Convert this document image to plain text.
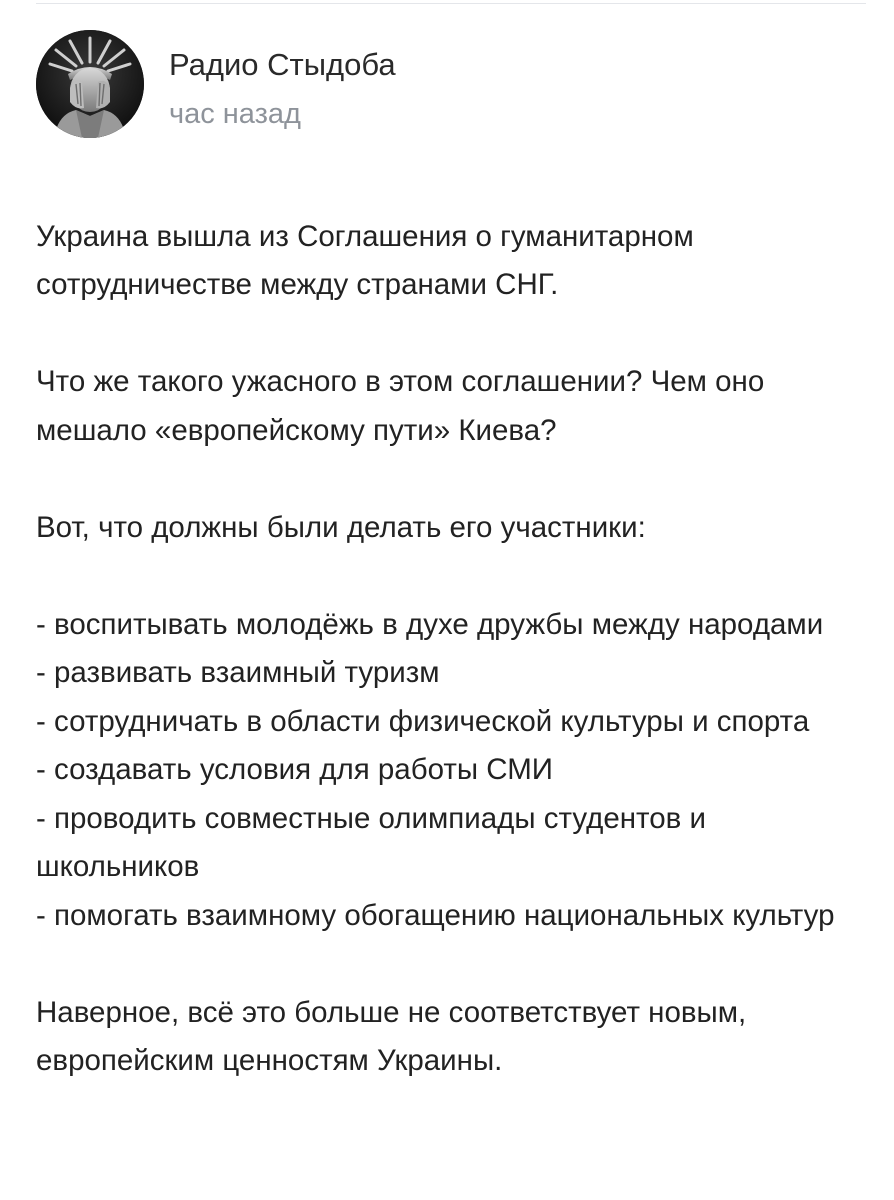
Радио Стыдоба
час назад

Украина вышла из Соглашения о гуманитарном сотрудничестве между странами СНГ.

Что же такого ужасного в этом соглашении? Чем оно мешало «европейскому пути» Киева?

Вот, что должны были делать его участники:

- воспитывать молодёжь в духе дружбы между народами

- развивать взаимный туризм

- сотрудничать в области физической культуры и спорта

- создавать условия для работы СМИ

- проводить совместные олимпиады студентов и школьников

- помогать взаимному обогащению национальных культур

Наверное, всё это больше не соответствует новым, европейским ценностям Украины.
